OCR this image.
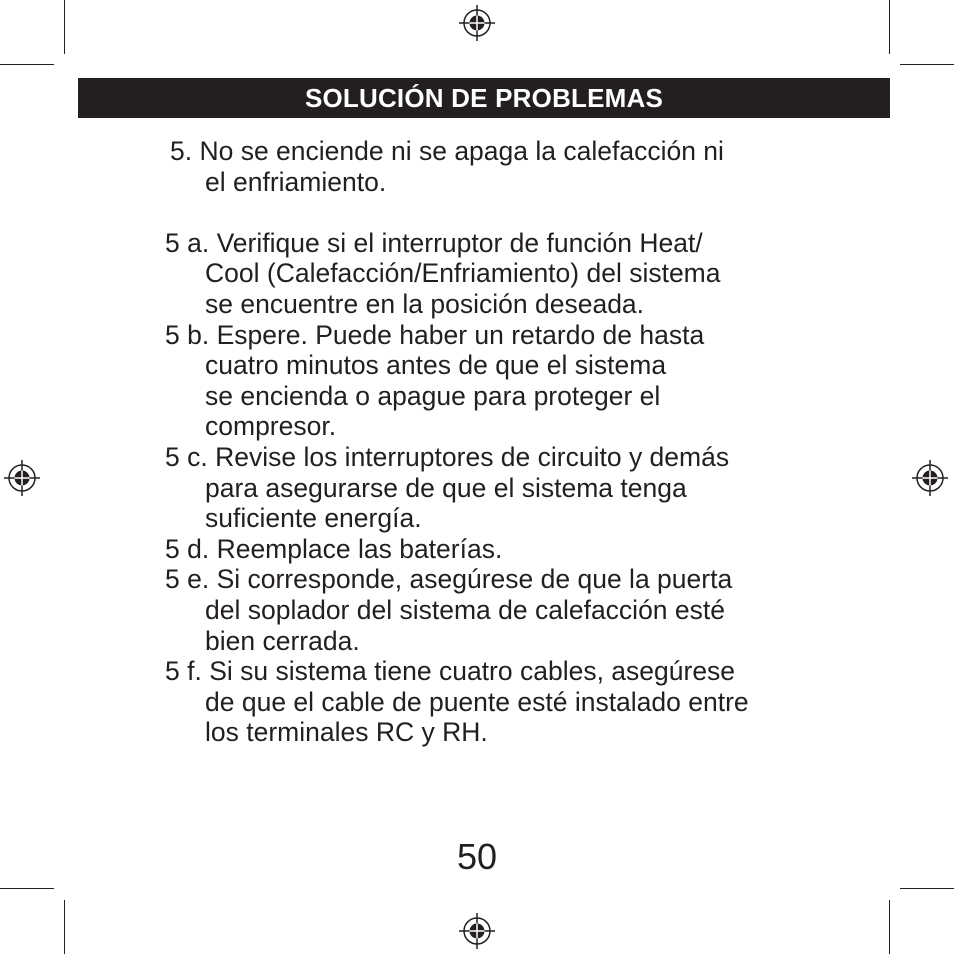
SOLUCIÓN DE PROBLEMAS
5. No se enciende ni se apaga la calefacción ni
el enfriamiento.
5 a. Verifique si el interruptor de función Heat/
Cool (Calefacción/Enfriamiento) del sistema
se encuentre en la posición deseada.
5 b. Espere. Puede haber un retardo de hasta
cuatro minutos antes de que el sistema
se encienda o apague para proteger el
compresor.
5 c. Revise los interruptores de circuito y demás
para asegurarse de que el sistema tenga
suficiente energía.
5 d. Reemplace las baterías.
5 e. Si corresponde, asegúrese de que la puerta
del soplador del sistema de calefacción esté
bien cerrada.
5 f. Si su sistema tiene cuatro cables, asegúrese
de que el cable de puente esté instalado entre
los terminales RC y RH.
50
